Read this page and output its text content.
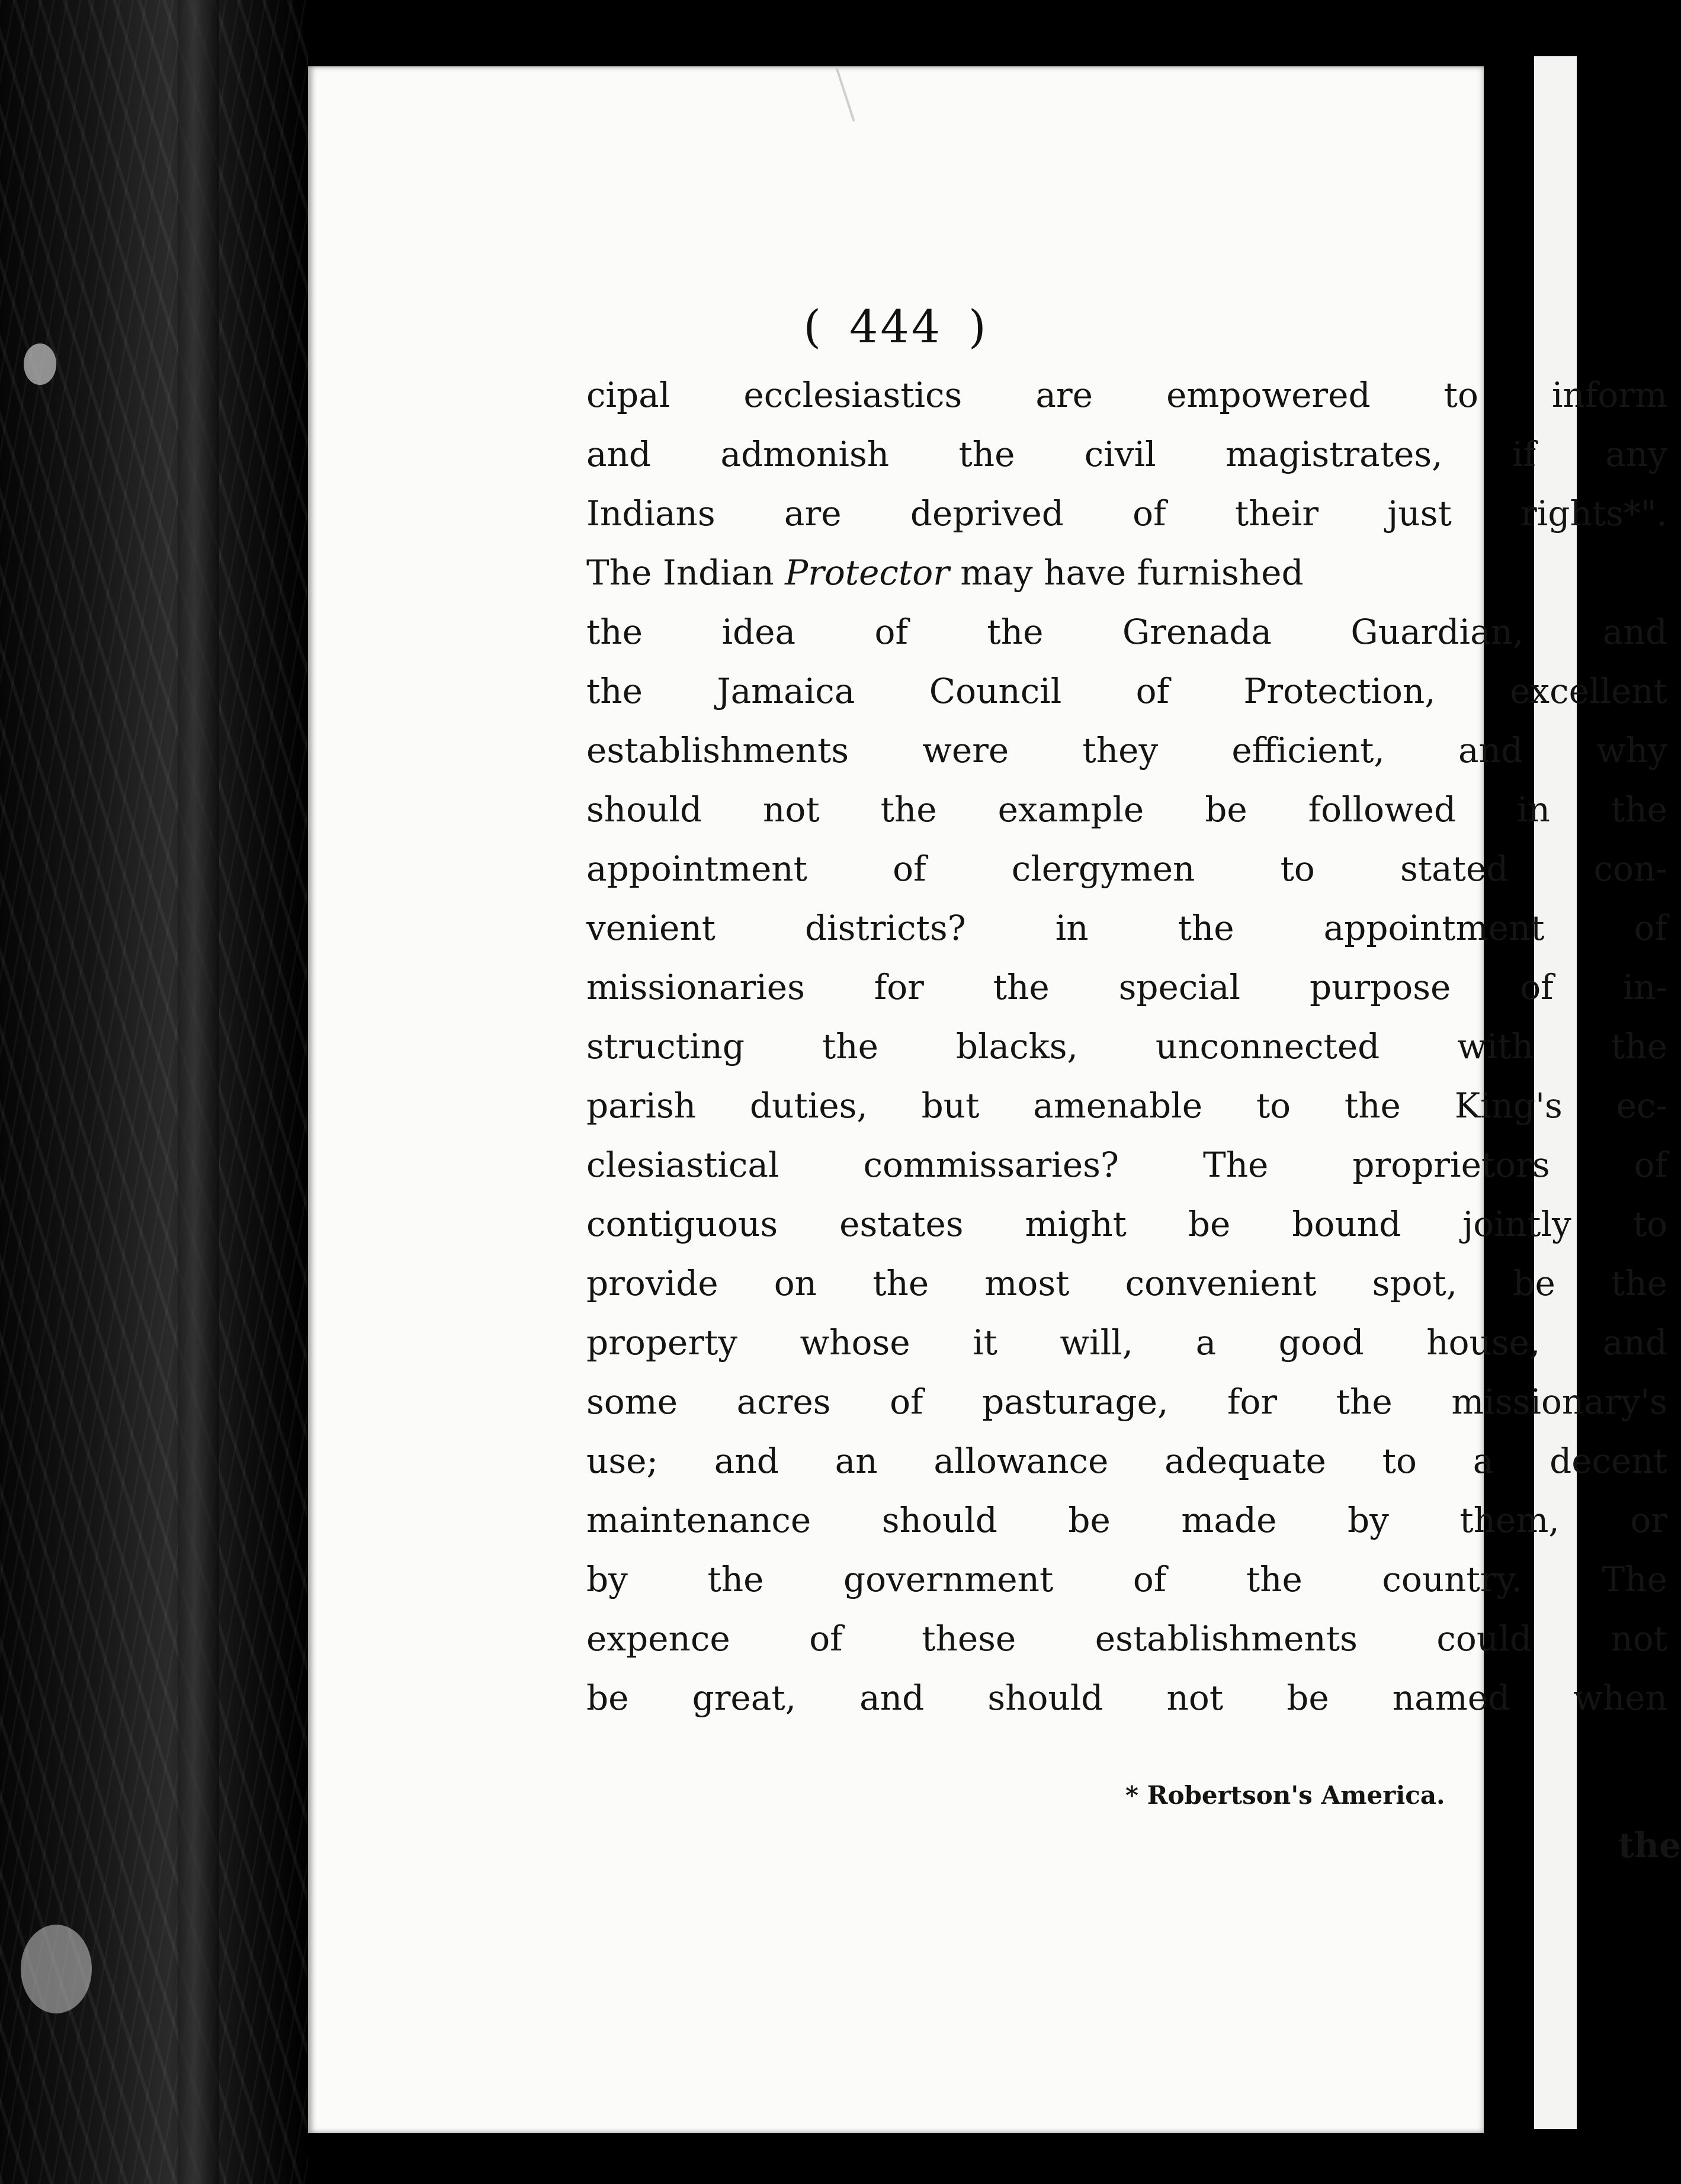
( 444 )
cipal ecclesiastics are empowered to inform
and admonish the civil magistrates, if any
Indians are deprived of their just rights*".
The Indian Protector may have furnished
the idea of the Grenada Guardian, and
the Jamaica Council of Protection, excellent
establishments were they efficient, and why
should not the example be followed in the
appointment of clergymen to stated con-
venient districts? in the appointment of
missionaries for the special purpose of in-
structing the blacks, unconnected with the
parish duties, but amenable to the King's ec-
clesiastical commissaries? The proprietors of
contiguous estates might be bound jointly to
provide on the most convenient spot, be the
property whose it will, a good house, and
some acres of pasturage, for the missionary's
use; and an allowance adequate to a decent
maintenance should be made by them, or
by the government of the country. The
expence of these establishments could not
be great, and should not be named when
* Robertson's America.
the
